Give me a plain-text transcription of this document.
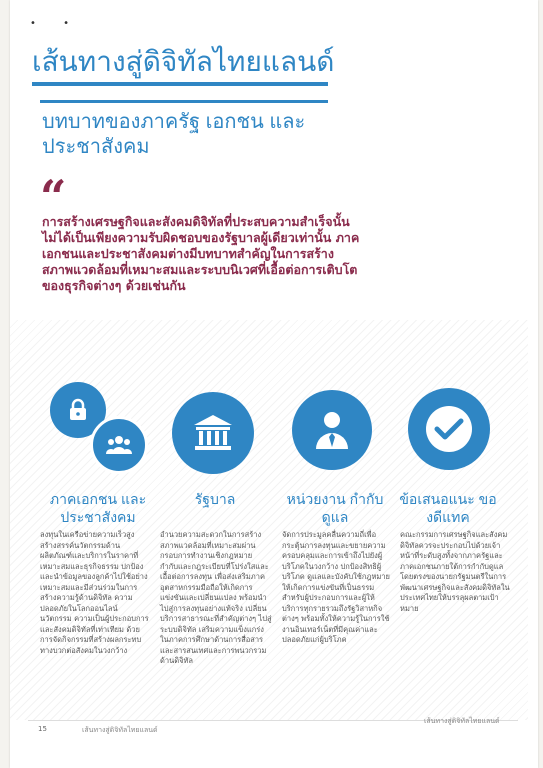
• •
เส้นทางสู่ดิจิทัลไทยแลนด์
บทบาทของภาครัฐ เอกชน และประชาสังคม
“
การสร้างเศรษฐกิจและสังคมดิจิทัลที่ประสบความสำเร็จนั้นไม่ได้เป็นเพียงความรับผิดชอบของรัฐบาลผู้เดียวเท่านั้น ภาคเอกชนและประชาสังคมต่างมีบทบาทสำคัญในการสร้างสภาพแวดล้อมที่เหมาะสมและระบบนิเวศที่เอื้อต่อการเติบโตของธุรกิจต่างๆ ด้วยเช่นกัน
ภาคเอกชน และประชาสังคม
รัฐบาล	หน่วยงาน กำกับดูแล
ข้อเสนอแนะ ของดีแทค
ลงทุนในเครือข่ายความเร็วสูง สร้างสรรค์นวัตกรรมด้านผลิตภัณฑ์และบริการในราคาที่เหมาะสมและธุรกิจธรรม ปกป้องและนำข้อมูลของลูกค้าไปใช้อย่างเหมาะสมและมีส่วนร่วมในการสร้างความรู้ด้านดิจิทัล ความปลอดภัยในโลกออนไลน์ นวัตกรรม ความเป็นผู้ประกอบการ และสังคมดิจิทัลที่เท่าเทียม ด้วยการจัดกิจกรรมที่สร้างผลกระทบทางบวกต่อสังคมในวงกว้าง
อำนวยความสะดวกในการสร้างสภาพแวดล้อมที่เหมาะสมผ่านกรอบการทำงานเชิงกฎหมาย กำกับและกฎระเบียบที่โปร่งใสและเอื้อต่อการลงทุน เพื่อส่งเสริมภาคอุตสาหกรรมมือถือให้เกิดการแข่งขันและเปลี่ยนแปลง พร้อมนำไปสู่การลงทุนอย่างแท้จริง เปลี่ยนบริการสาธารณะที่สำคัญต่างๆ ไปสู่ระบบดิจิทัล เสริมความแข็งแกร่งในภาคการศึกษาด้านการสื่อสารและสารสนเทศและการพนวกรวมด้านดิจิทัล
จัดการประมูลคลื่นความถี่เพื่อกระตุ้นการลงทุนและขยายความครอบคลุมและการเข้าถึงไปยังผู้บริโภคในวงกว้าง ปกป้องสิทธิผู้บริโภค ดูแลและบังคับใช้กฎหมายให้เกิดการแข่งขันที่เป็นธรรม สำหรับผู้ประกอบการและผู้ให้บริการทุกรายรวมถึงรัฐวิสาหกิจต่างๆ พร้อมทั้งให้ความรู้ในการใช้งานอินเทอร์เน็ตที่มีคุณค่าและปลอดภัยแก่ผู้บริโภค
คณะกรรมการเศรษฐกิจและสังคมดิจิทัลควรจะประกอบไปด้วยเจ้าหน้าที่ระดับสูงทั้งจากภาครัฐและภาคเอกชนภายใต้การกำกับดูแลโดยตรงของนายกรัฐมนตรีในการพัฒนาเศรษฐกิจและสังคมดิจิทัลในประเทศไทยให้บรรลุผลตามเป้าหมาย
15	เส้นทางสู่ดิจิทัลไทยแลนด์
เส้นทางสู่ดิจิทัลไทยแลนด์
